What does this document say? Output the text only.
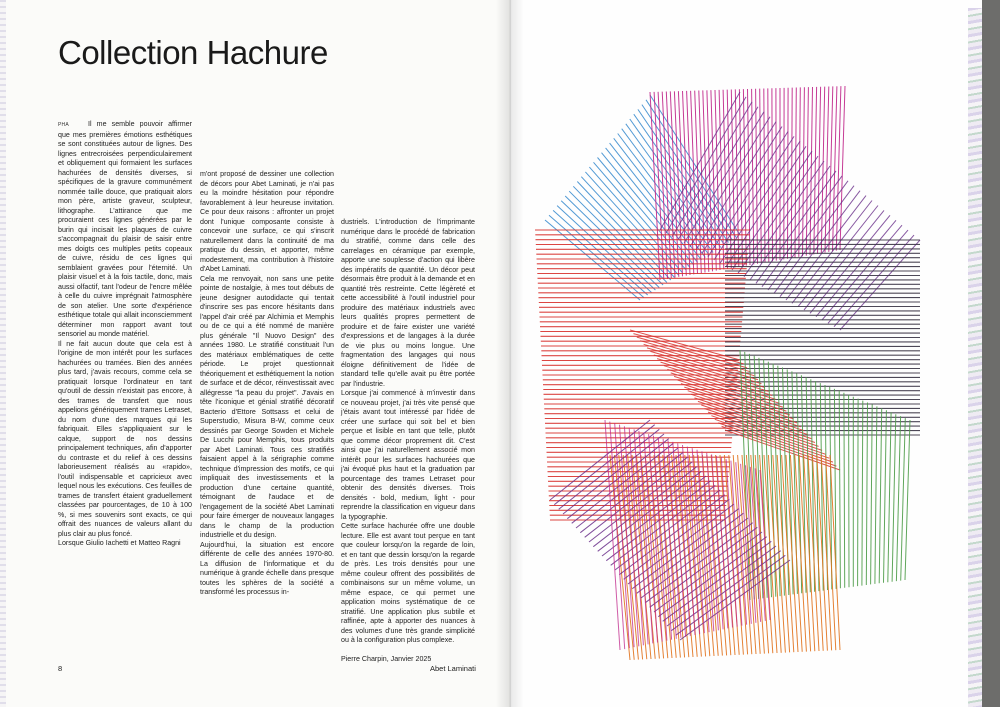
Collection Hachure

PHA	Il me semble pouvoir affirmer que mes premières émotions esthétiques se sont constituées autour de lignes. Des lignes entrecroisées perpendiculairement et obliquement qui formaient les surfaces hachurées de densités diverses, si spécifiques de la gravure communément nommée taille douce, que pratiquait alors mon père, artiste graveur, sculpteur, lithographe. L'attirance que me procuraient ces lignes générées par le burin qui incisait les plaques de cuivre s'accompagnait du plaisir de saisir entre mes doigts ces multiples petits copeaux de cuivre, résidu de ces lignes qui semblaient gravées pour l'éternité. Un plaisir visuel et à la fois tactile, donc, mais aussi olfactif, tant l'odeur de l'encre mêlée à celle du cuivre imprégnait l'atmosphère de son atelier. Une sorte d'expérience esthétique totale qui allait inconsciemment déterminer mon rapport avant tout sensoriel au monde matériel.

Il ne fait aucun doute que cela est à l'origine de mon intérêt pour les surfaces hachurées ou tramées. Bien des années plus tard, j'avais recours, comme cela se pratiquait lorsque l'ordinateur en tant qu'outil de dessin n'existait pas encore, à des trames de transfert que nous appelions génériquement trames Letraset, du nom d'une des marques qui les fabriquait. Elles s'appliquaient sur le calque, support de nos dessins principalement techniques, afin d'apporter du contraste et du relief à ces dessins laborieusement réalisés au «rapido», l'outil indispensable et capricieux avec lequel nous les exécutions. Ces feuilles de trames de transfert étaient graduellement classées par pourcentages, de 10 à 100 %, si mes souvenirs sont exacts, ce qui offrait des nuances de valeurs allant du plus clair au plus foncé.

Lorsque Giulio Iachetti et Matteo Ragni

m'ont proposé de dessiner une collection de décors pour Abet Laminati, je n'ai pas eu la moindre hésitation pour répondre favorablement à leur heureuse invitation. Ce pour deux raisons : affronter un projet dont l'unique composante consiste à concevoir une surface, ce qui s'inscrit naturellement dans la continuité de ma pratique du dessin, et apporter, même modestement, ma contribution à l'histoire d'Abet Laminati.

Cela me renvoyait, non sans une petite pointe de nostalgie, à mes tout débuts de jeune designer autodidacte qui tentait d'inscrire ses pas encore hésitants dans l'appel d'air créé par Alchimia et Memphis ou de ce qui a été nommé de manière plus générale "Il Nuovo Design" des années 1980. Le stratifié constituait l'un des matériaux emblématiques de cette période. Le projet questionnait théoriquement et esthétiquement la notion de surface et de décor, réinvestissait avec allégresse "la peau du projet". J'avais en tête l'iconique et génial stratifié décoratif Bacterio d'Ettore Sottsass et celui de Superstudio, Misura B-W, comme ceux dessinés par George Sowden et Michele De Lucchi pour Memphis, tous produits par Abet Laminati. Tous ces stratifiés faisaient appel à la sérigraphie comme technique d'impression des motifs, ce qui impliquait des investissements et la production d'une certaine quantité, témoignant de l'audace et de l'engagement de la société Abet Laminati pour faire émerger de nouveaux langages dans le champ de la production industrielle et du design.

Aujourd'hui, la situation est encore différente de celle des années 1970-80. La diffusion de l'informatique et du numérique à grande échelle dans presque toutes les sphères de la société a transformé les processus in-

dustriels. L'introduction de l'imprimante numérique dans le procédé de fabrication du stratifié, comme dans celle des carrelages en céramique par exemple, apporte une souplesse d'action qui libère des impératifs de quantité. Un décor peut désormais être produit à la demande et en quantité très restreinte. Cette légèreté et cette accessibilité à l'outil industriel pour produire des matériaux industriels avec leurs qualités propres permettent de produire et de faire exister une variété d'expressions et de langages à la durée de vie plus ou moins longue. Une fragmentation des langages qui nous éloigne définitivement de l'idée de standard telle qu'elle avait pu être portée par l'industrie.

Lorsque j'ai commencé à m'investir dans ce nouveau projet, j'ai très vite pensé que j'étais avant tout intéressé par l'idée de créer une surface qui soit bel et bien perçue et lisible en tant que telle, plutôt que comme décor proprement dit. C'est ainsi que j'ai naturellement associé mon intérêt pour les surfaces hachurées que j'ai évoqué plus haut et la graduation par pourcentage des trames Letraset pour obtenir des densités diverses. Trois densités - bold, medium, light - pour reprendre la classification en vigueur dans la typographie.

Cette surface hachurée offre une double lecture. Elle est avant tout perçue en tant que couleur lorsqu'on la regarde de loin, et en tant que dessin lorsqu'on la regarde de près. Les trois densités pour une même couleur offrent des possibilités de combinaisons sur un même volume, un même espace, ce qui permet une application moins systématique de ce stratifié. Une application plus subtile et raffinée, apte à apporter des nuances à des volumes d'une très grande simplicité ou à la configuration plus complexe.

Pierre Charpin, Janvier 2025

8	Abet Laminati
